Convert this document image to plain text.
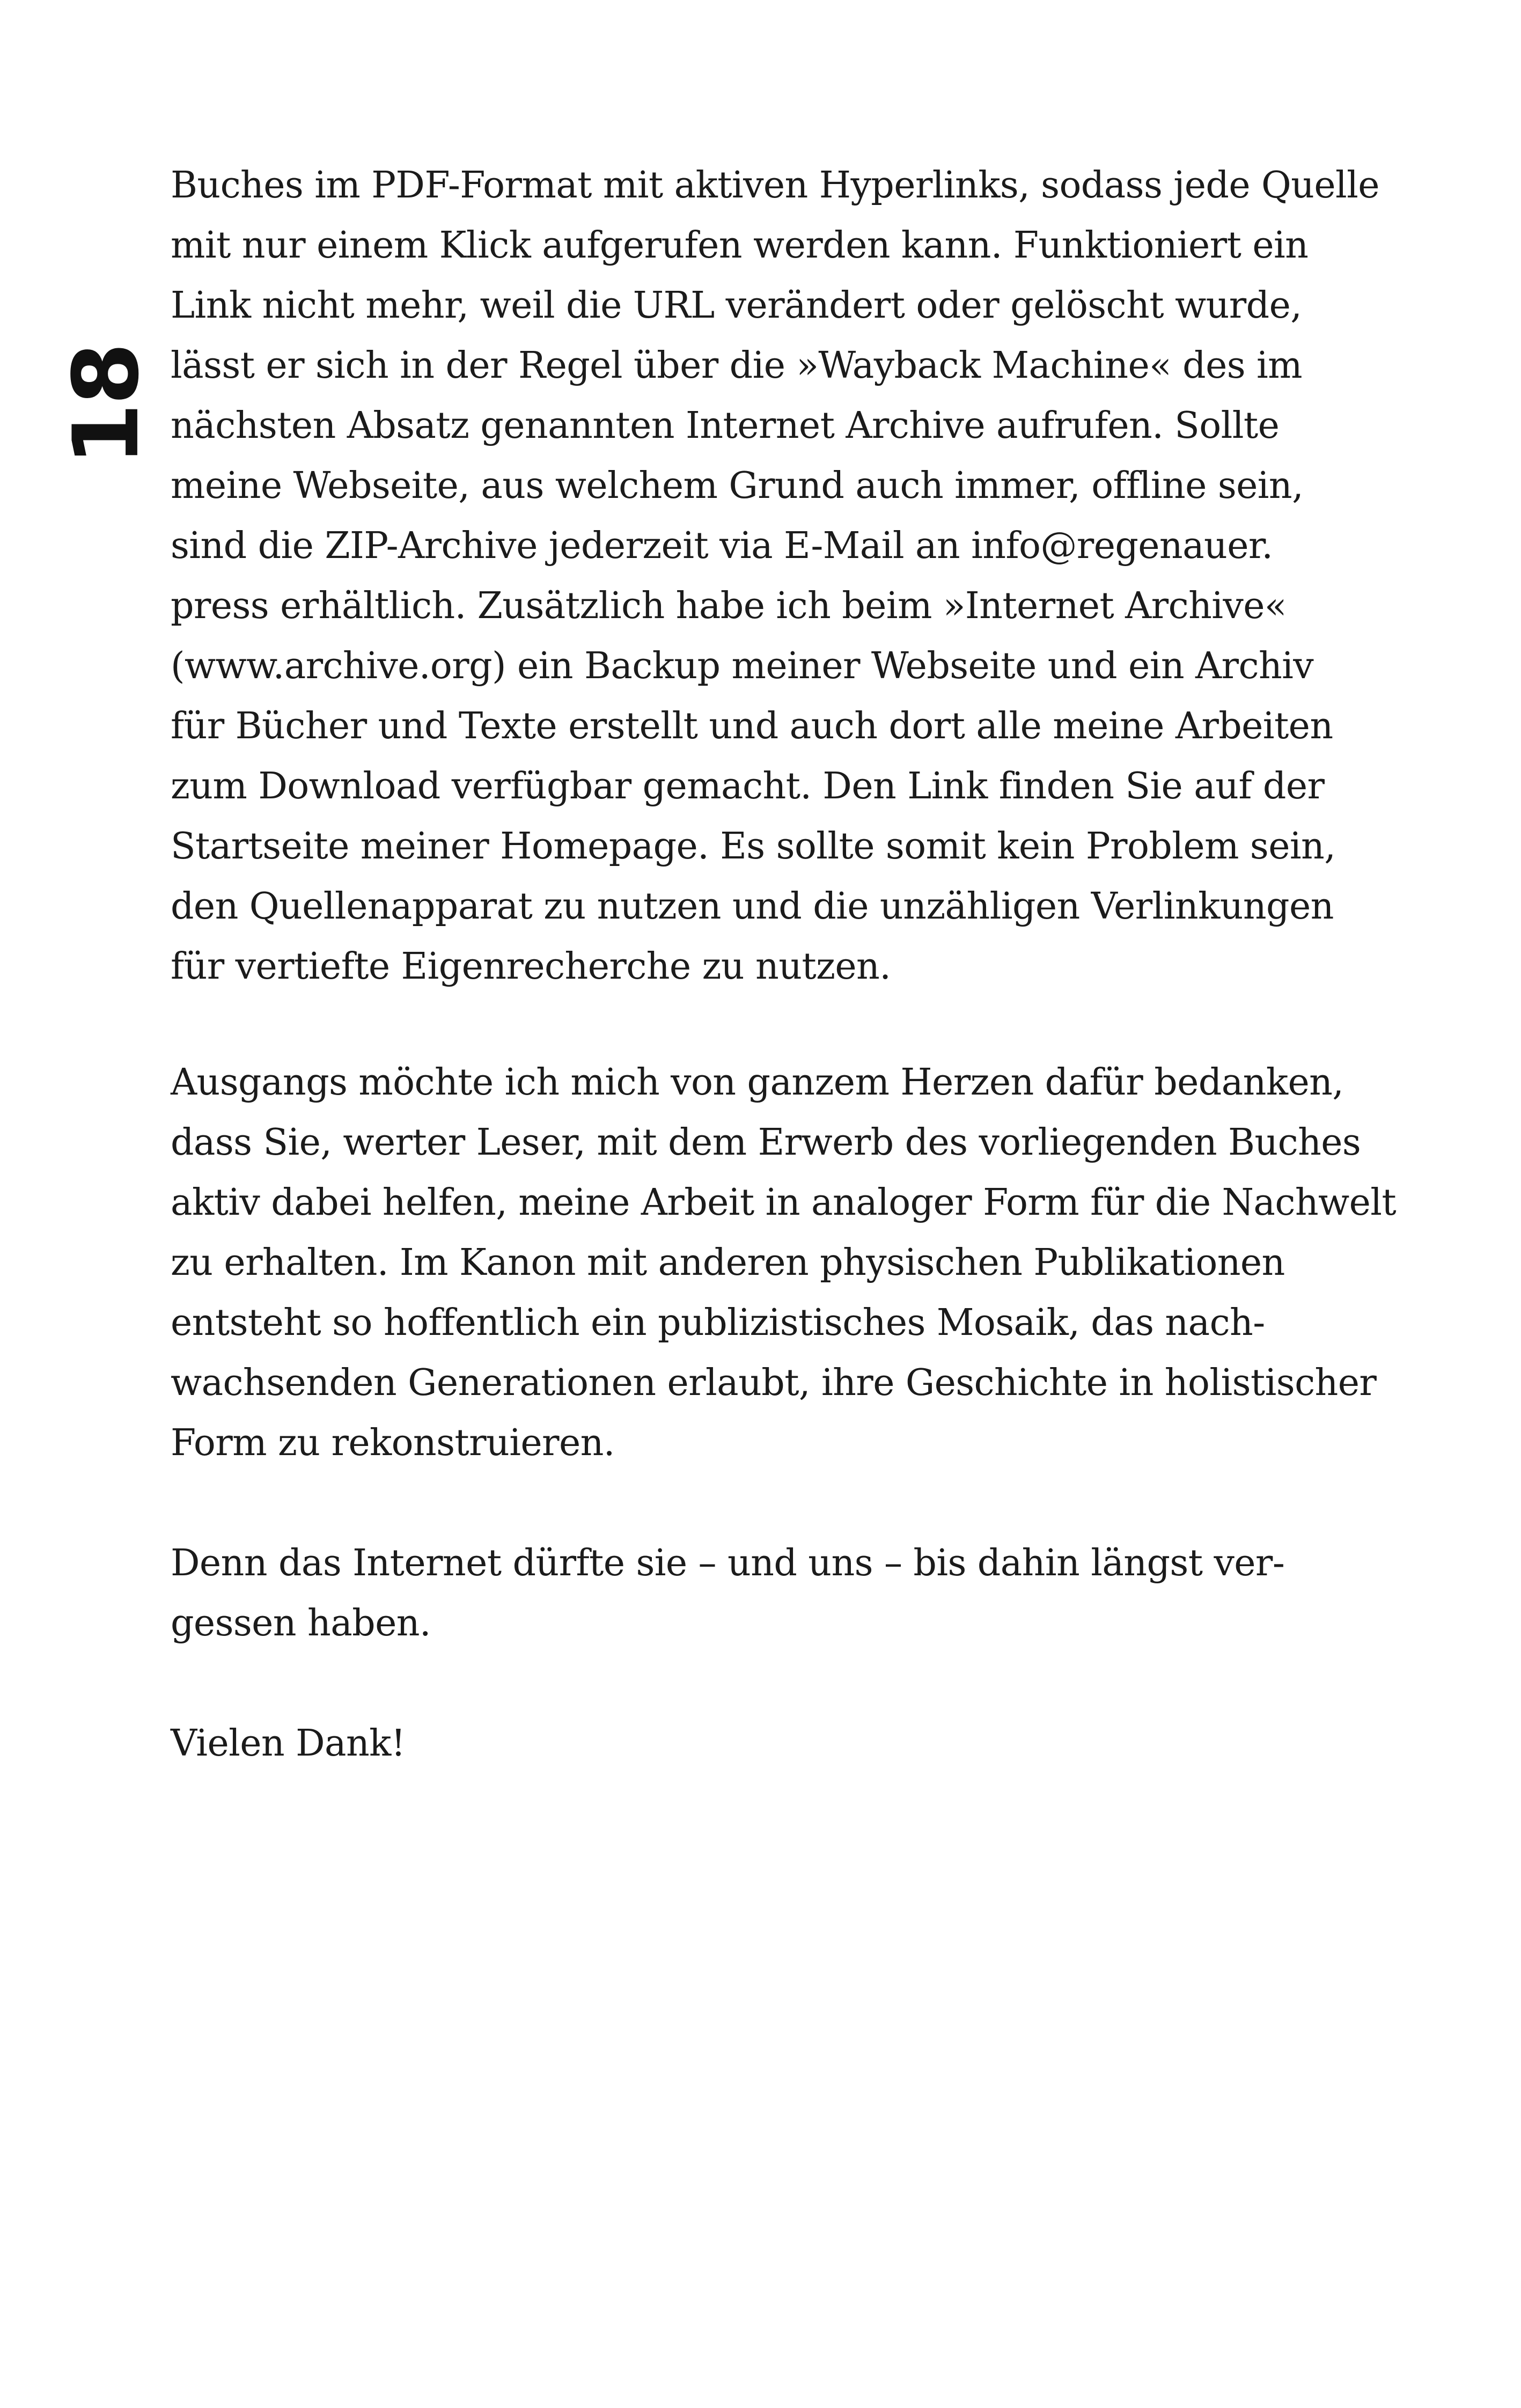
18
Buches im PDF-Format mit aktiven Hyperlinks, sodass jede Quelle
mit nur einem Klick aufgerufen werden kann. Funktioniert ein
Link nicht mehr, weil die URL verändert oder gelöscht wurde,
lässt er sich in der Regel über die »Wayback Machine« des im
nächsten Absatz genannten Internet Archive aufrufen. Sollte
meine Webseite, aus welchem Grund auch immer, offline sein,
sind die ZIP-Archive jederzeit via E-Mail an info@regenauer.
press erhältlich. Zusätzlich habe ich beim »Internet Archive«
(www.archive.org) ein Backup meiner Webseite und ein Archiv
für Bücher und Texte erstellt und auch dort alle meine Arbeiten
zum Download verfügbar gemacht. Den Link finden Sie auf der
Startseite meiner Homepage. Es sollte somit kein Problem sein,
den Quellenapparat zu nutzen und die unzähligen Verlinkungen
für vertiefte Eigenrecherche zu nutzen.
Ausgangs möchte ich mich von ganzem Herzen dafür bedanken,
dass Sie, werter Leser, mit dem Erwerb des vorliegenden Buches
aktiv dabei helfen, meine Arbeit in analoger Form für die Nachwelt
zu erhalten. Im Kanon mit anderen physischen Publikationen
entsteht so hoffentlich ein publizistisches Mosaik, das nach-
wachsenden Generationen erlaubt, ihre Geschichte in holistischer
Form zu rekonstruieren.
Denn das Internet dürfte sie – und uns – bis dahin längst ver-
gessen haben.
Vielen Dank!
